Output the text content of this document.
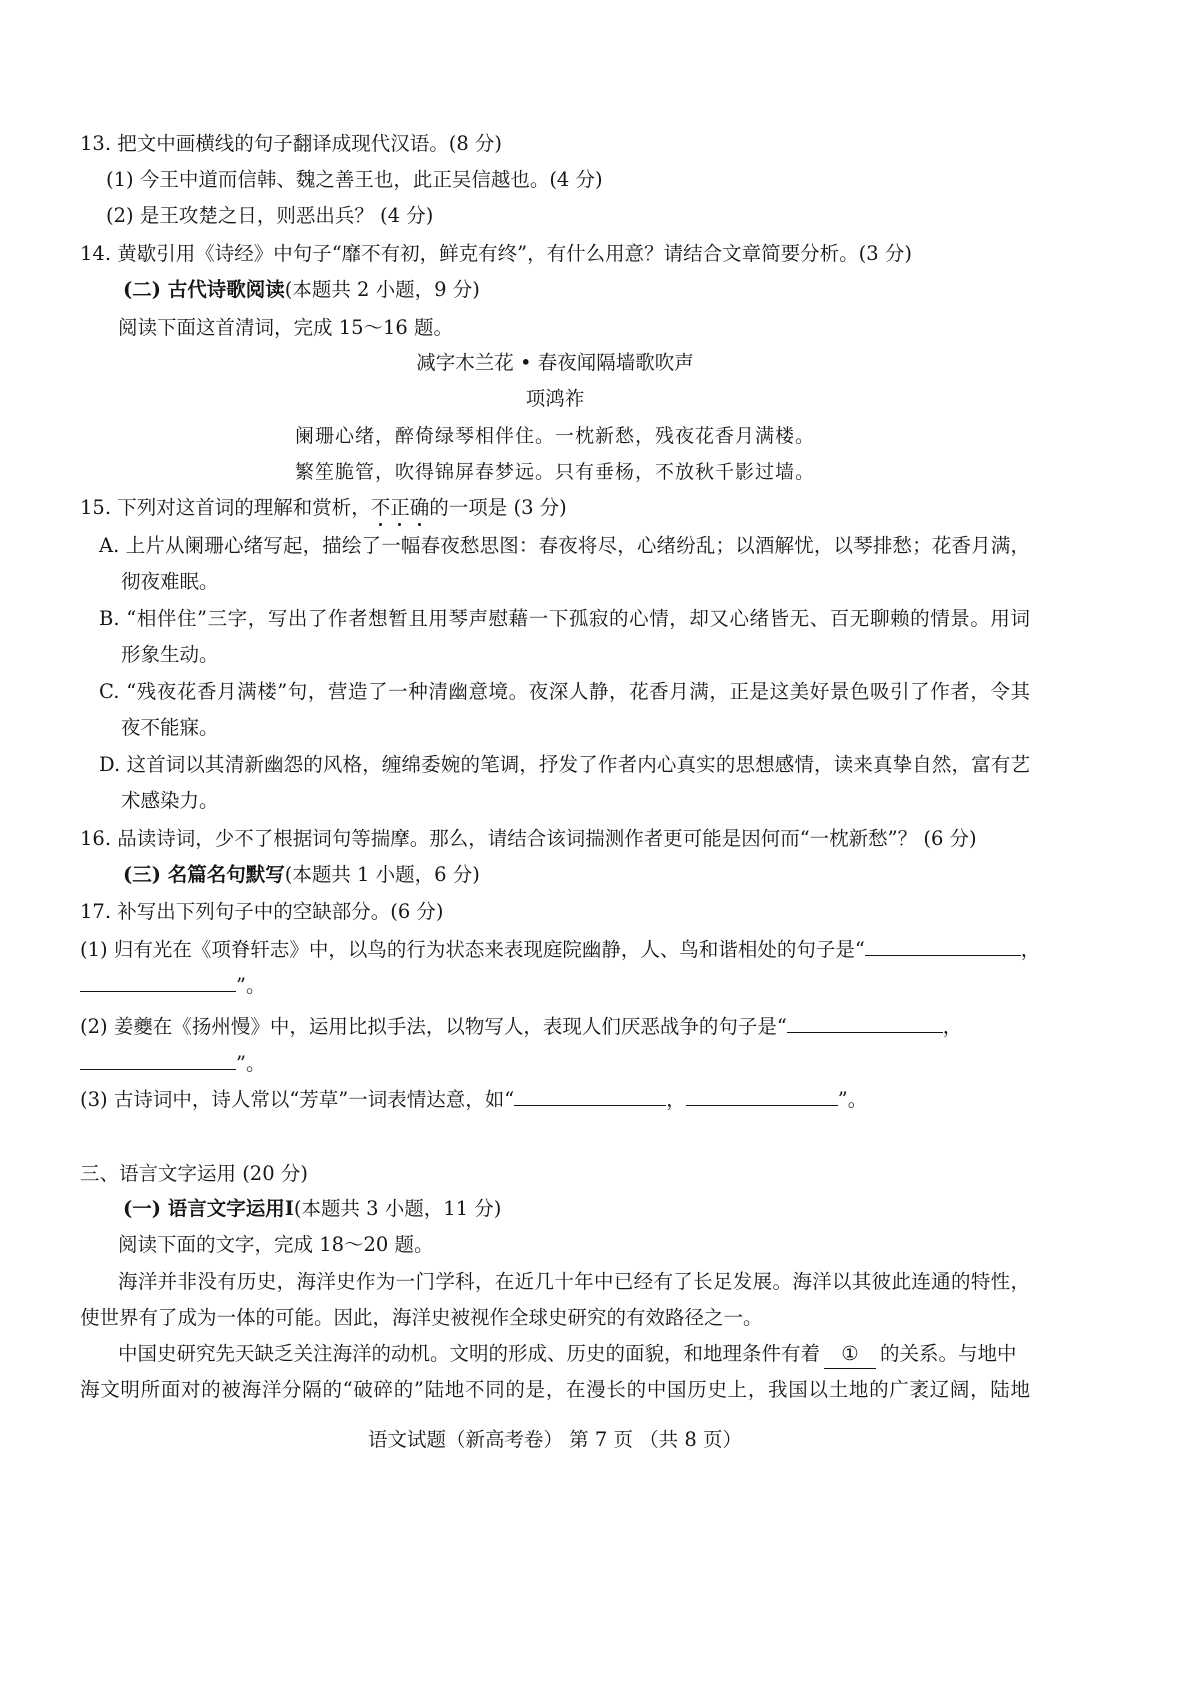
13. 把文中画横线的句子翻译成现代汉语。(8 分)
(1) 今王中道而信韩、魏之善王也，此正吴信越也。(4 分)
(2) 是王攻楚之日，则恶出兵？ (4 分)
14. 黄歇引用《诗经》中句子“靡不有初，鲜克有终”，有什么用意？请结合文章简要分析。(3 分)
(二) 古代诗歌阅读(本题共 2 小题，9 分)
阅读下面这首清词，完成 15～16 题。
减字木兰花 • 春夜闻隔墙歌吹声
项鸿祚
阑珊心绪，醉倚绿琴相伴住。一枕新愁，残夜花香月满楼。
繁笙脆管，吹得锦屏春梦远。只有垂杨，不放秋千影过墙。
15. 下列对这首词的理解和赏析，不
正
确
的一项是 (3 分)
A. 上片从阑珊心绪写起，描绘了一幅春夜愁思图：春夜将尽，心绪纷乱；以酒解忧，以琴排愁；花香月满，
彻夜难眠。
B. “相伴住”三字，写出了作者想暂且用琴声慰藉一下孤寂的心情，却又心绪皆无、百无聊赖的情景。用词
形象生动。
C. “残夜花香月满楼”句，营造了一种清幽意境。夜深人静，花香月满，正是这美好景色吸引了作者，令其
夜不能寐。
D. 这首词以其清新幽怨的风格，缠绵委婉的笔调，抒发了作者内心真实的思想感情，读来真挚自然，富有艺
术感染力。
16. 品读诗词，少不了根据词句等揣摩。那么，请结合该词揣测作者更可能是因何而“一枕新愁”？ (6 分)
(三) 名篇名句默写(本题共 1 小题，6 分)
17. 补写出下列句子中的空缺部分。(6 分)
(1) 归有光在《项脊轩志》中，以鸟的行为状态来表现庭院幽静，人、鸟和谐相处的句子是“	，
”。
(2) 姜夔在《扬州慢》中，运用比拟手法，以物写人，表现人们厌恶战争的句子是“	，
”。
(3) 古诗词中，诗人常以“芳草”一词表情达意，如“	，	”。
三、语言文字运用 (20 分)
(一) 语言文字运用Ⅰ(本题共 3 小题，11 分)
阅读下面的文字，完成 18～20 题。
海洋并非没有历史，海洋史作为一门学科，在近几十年中已经有了长足发展。海洋以其彼此连通的特性，
使世界有了成为一体的可能。因此，海洋史被视作全球史研究的有效路径之一。
中国史研究先天缺乏关注海洋的动机。文明的形成、历史的面貌，和地理条件有着 ① 的关系。与地中
海文明所面对的被海洋分隔的“破碎的”陆地不同的是，在漫长的中国历史上，我国以土地的广袤辽阔，陆地
语文试题（新高考卷） 第 7 页 （共 8 页）
